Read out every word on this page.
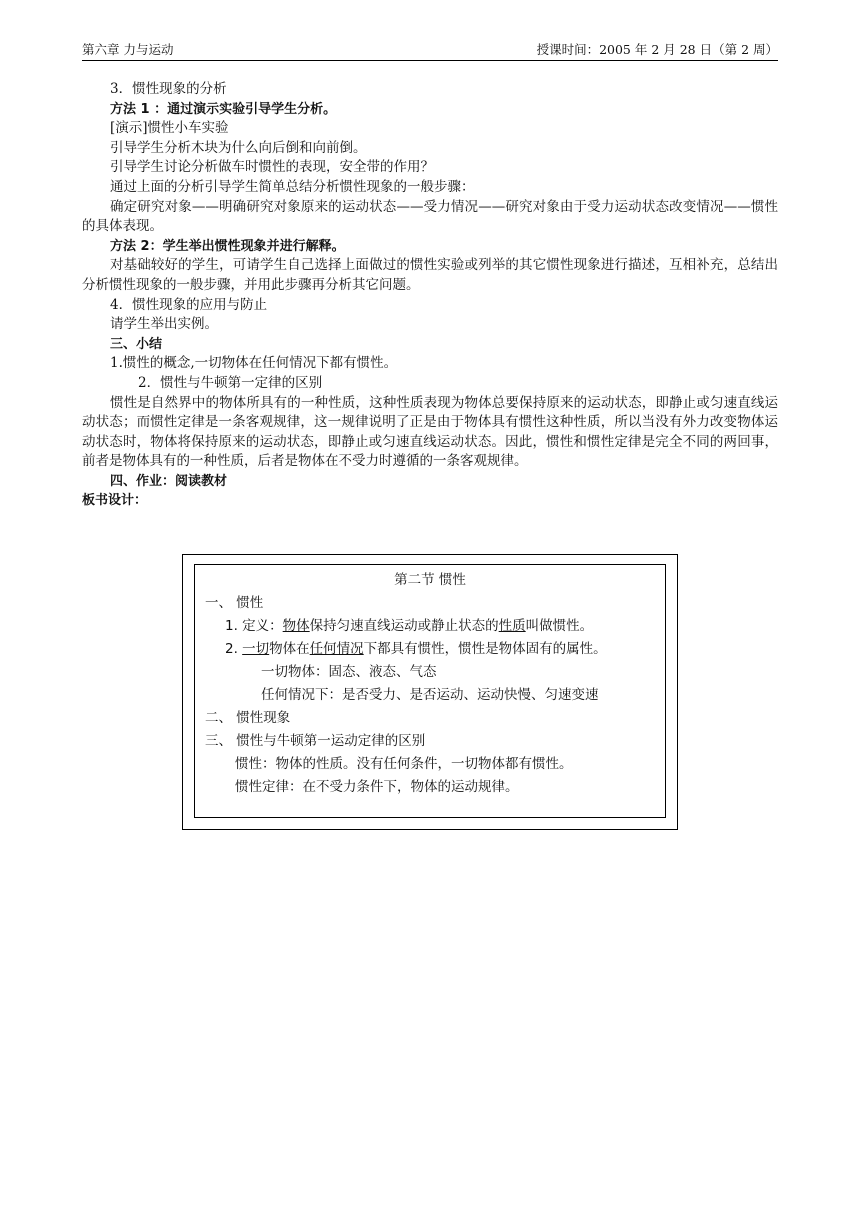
第六章 力与运动	授课时间：2005 年 2 月 28 日（第 2 周）

3．惯性现象的分析

方法 1 ：通过演示实验引导学生分析。

[演示]惯性小车实验

引导学生分析木块为什么向后倒和向前倒。

引导学生讨论分析做车时惯性的表现，安全带的作用？

通过上面的分析引导学生简单总结分析惯性现象的一般步骤：

确定研究对象——明确研究对象原来的运动状态——受力情况——研究对象由于受力运动状态改变情况——惯性的具体表现。

方法 2：学生举出惯性现象并进行解释。

对基础较好的学生，可请学生自己选择上面做过的惯性实验或列举的其它惯性现象进行描述，互相补充，总结出分析惯性现象的一般步骤，并用此步骤再分析其它问题。

4．惯性现象的应用与防止

请学生举出实例。

三、小结

1.惯性的概念,一切物体在任何情况下都有惯性。

2．惯性与牛顿第一定律的区别

惯性是自然界中的物体所具有的一种性质，这种性质表现为物体总要保持原来的运动状态，即静止或匀速直线运动状态；而惯性定律是一条客观规律，这一规律说明了正是由于物体具有惯性这种性质，所以当没有外力改变物体运动状态时，物体将保持原来的运动状态，即静止或匀速直线运动状态。因此，惯性和惯性定律是完全不同的两回事，前者是物体具有的一种性质，后者是物体在不受力时遵循的一条客观规律。

四、作业：阅读教材

板书设计：

第二节 惯性
一、 惯性
1. 定义：物体保持匀速直线运动或静止状态的性质叫做惯性。
2. 一切物体在任何情况下都具有惯性，惯性是物体固有的属性。
一切物体：固态、液态、气态
任何情况下：是否受力、是否运动、运动快慢、匀速变速
二、 惯性现象
三、 惯性与牛顿第一运动定律的区别
惯性：物体的性质。没有任何条件，一切物体都有惯性。
惯性定律：在不受力条件下，物体的运动规律。
